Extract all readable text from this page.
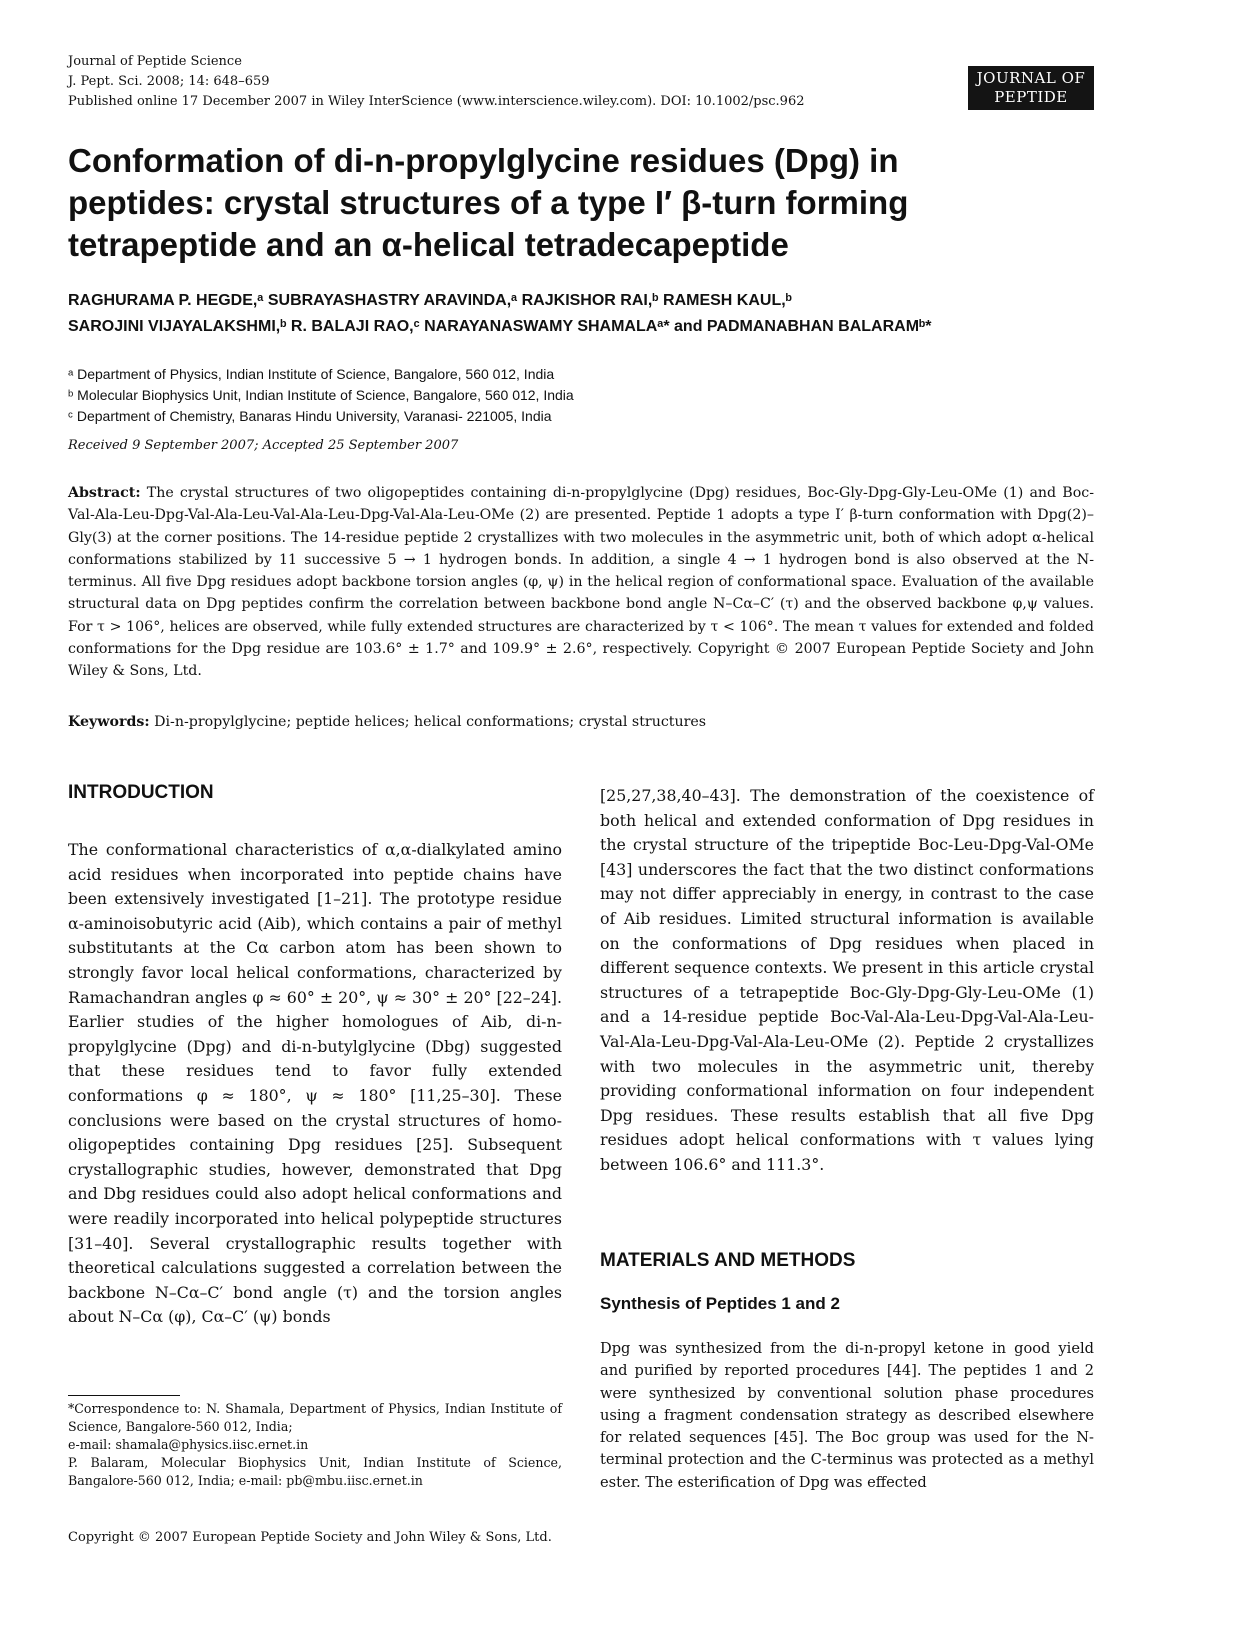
Journal of Peptide Science
J. Pept. Sci. 2008; 14: 648–659
Published online 17 December 2007 in Wiley InterScience (www.interscience.wiley.com). DOI: 10.1002/psc.962
JOURNAL OF
PEPTIDE SCIENCE
Conformation of di-n-propylglycine residues (Dpg) in
peptides: crystal structures of a type I′ β-turn forming
tetrapeptide and an α-helical tetradecapeptide
RAGHURAMA P. HEGDE,ᵃ SUBRAYASHASTRY ARAVINDA,ᵃ RAJKISHOR RAI,ᵇ RAMESH KAUL,ᵇ
SAROJINI VIJAYALAKSHMI,ᵇ R. BALAJI RAO,ᶜ NARAYANASWAMY SHAMALAᵃ* and PADMANABHAN BALARAMᵇ*
ᵃ Department of Physics, Indian Institute of Science, Bangalore, 560 012, India
ᵇ Molecular Biophysics Unit, Indian Institute of Science, Bangalore, 560 012, India
ᶜ Department of Chemistry, Banaras Hindu University, Varanasi- 221005, India
Received 9 September 2007; Accepted 25 September 2007
Abstract: The crystal structures of two oligopeptides containing di-n-propylglycine (Dpg) residues, Boc-Gly-Dpg-Gly-Leu-OMe (1) and Boc-Val-Ala-Leu-Dpg-Val-Ala-Leu-Val-Ala-Leu-Dpg-Val-Ala-Leu-OMe (2) are presented. Peptide 1 adopts a type I′ β-turn conformation with Dpg(2)–Gly(3) at the corner positions. The 14-residue peptide 2 crystallizes with two molecules in the asymmetric unit, both of which adopt α-helical conformations stabilized by 11 successive 5 → 1 hydrogen bonds. In addition, a single 4 → 1 hydrogen bond is also observed at the N-terminus. All five Dpg residues adopt backbone torsion angles (φ, ψ) in the helical region of conformational space. Evaluation of the available structural data on Dpg peptides confirm the correlation between backbone bond angle N–Cα–C′ (τ) and the observed backbone φ,ψ values. For τ > 106°, helices are observed, while fully extended structures are characterized by τ < 106°. The mean τ values for extended and folded conformations for the Dpg residue are 103.6° ± 1.7° and 109.9° ± 2.6°, respectively. Copyright © 2007 European Peptide Society and John Wiley & Sons, Ltd.
Keywords: Di-n-propylglycine; peptide helices; helical conformations; crystal structures
INTRODUCTION
The conformational characteristics of α,α-dialkylated amino acid residues when incorporated into peptide chains have been extensively investigated [1–21]. The prototype residue α-aminoisobutyric acid (Aib), which contains a pair of methyl substitutants at the Cα carbon atom has been shown to strongly favor local helical conformations, characterized by Ramachandran angles φ ≈ 60° ± 20°, ψ ≈ 30° ± 20° [22–24]. Earlier studies of the higher homologues of Aib, di-n-propylglycine (Dpg) and di-n-butylglycine (Dbg) suggested that these residues tend to favor fully extended conformations φ ≈ 180°, ψ ≈ 180° [11,25–30]. These conclusions were based on the crystal structures of homo-oligopeptides containing Dpg residues [25]. Subsequent crystallographic studies, however, demonstrated that Dpg and Dbg residues could also adopt helical conformations and were readily incorporated into helical polypeptide structures [31–40]. Several crystallographic results together with theoretical calculations suggested a correlation between the backbone N–Cα–C′ bond angle (τ) and the torsion angles about N–Cα (φ), Cα–C′ (ψ) bonds
[25,27,38,40–43]. The demonstration of the coexistence of both helical and extended conformation of Dpg residues in the crystal structure of the tripeptide Boc-Leu-Dpg-Val-OMe [43] underscores the fact that the two distinct conformations may not differ appreciably in energy, in contrast to the case of Aib residues. Limited structural information is available on the conformations of Dpg residues when placed in different sequence contexts. We present in this article crystal structures of a tetrapeptide Boc-Gly-Dpg-Gly-Leu-OMe (1) and a 14-residue peptide Boc-Val-Ala-Leu-Dpg-Val-Ala-Leu-Val-Ala-Leu-Dpg-Val-Ala-Leu-OMe (2). Peptide 2 crystallizes with two molecules in the asymmetric unit, thereby providing conformational information on four independent Dpg residues. These results establish that all five Dpg residues adopt helical conformations with τ values lying between 106.6° and 111.3°.
MATERIALS AND METHODS
Synthesis of Peptides 1 and 2
Dpg was synthesized from the di-n-propyl ketone in good yield and purified by reported procedures [44]. The peptides 1 and 2 were synthesized by conventional solution phase procedures using a fragment condensation strategy as described elsewhere for related sequences [45]. The Boc group was used for the N-terminal protection and the C-terminus was protected as a methyl ester. The esterification of Dpg was effected
*Correspondence to: N. Shamala, Department of Physics, Indian Institute of Science, Bangalore-560 012, India;
e-mail: shamala@physics.iisc.ernet.in
P. Balaram, Molecular Biophysics Unit, Indian Institute of Science, Bangalore-560 012, India; e-mail: pb@mbu.iisc.ernet.in
Copyright © 2007 European Peptide Society and John Wiley & Sons, Ltd.
